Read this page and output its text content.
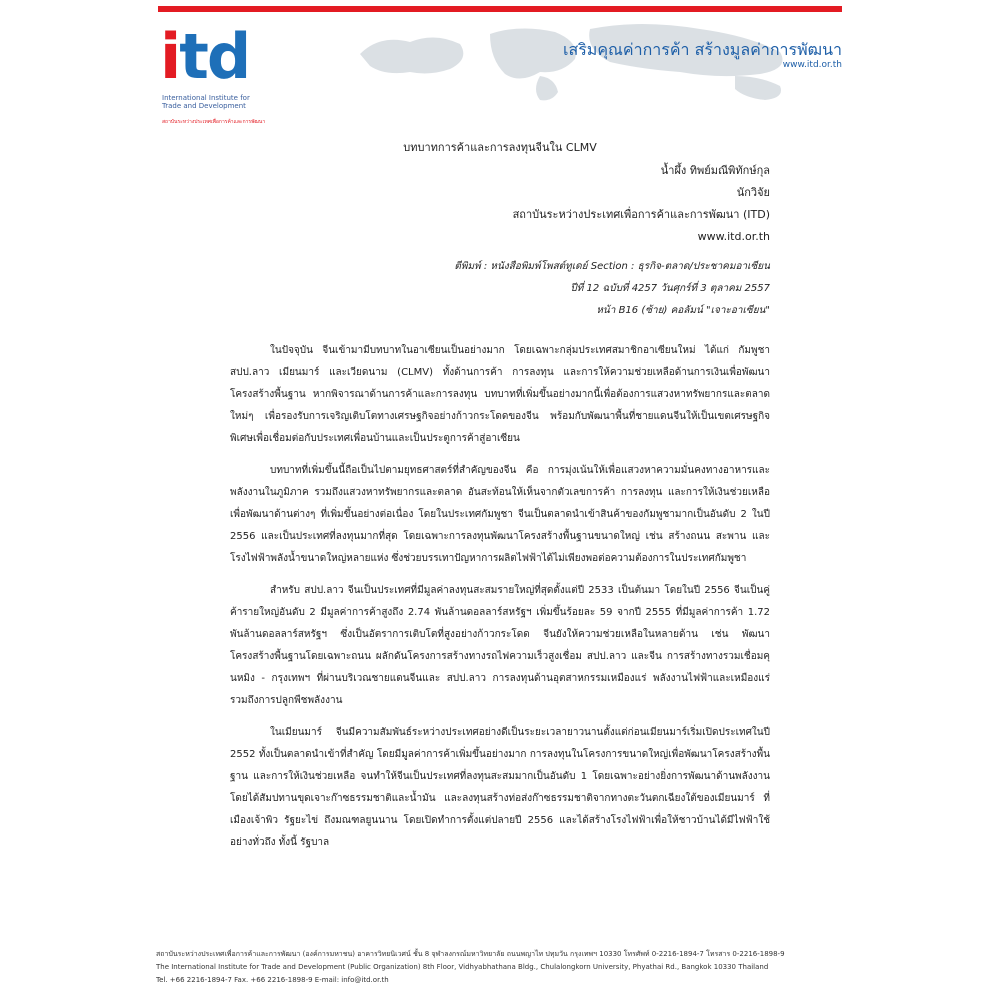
itd
International Institute for
Trade and Development
สถาบันระหว่างประเทศเพื่อการค้าและการพัฒนา
เสริมคุณค่าการค้า สร้างมูลค่าการพัฒนา
www.itd.or.th
บทบาทการค้าและการลงทุนจีนใน CLMV
น้ำผึ้ง ทิพย์มณีพิทักษ์กุล
นักวิจัย
สถาบันระหว่างประเทศเพื่อการค้าและการพัฒนา (ITD)
www.itd.or.th
ตีพิมพ์ : หนังสือพิมพ์โพสต์ทูเดย์ Section : ธุรกิจ-ตลาด/ประชาคมอาเซียน
ปีที่ 12 ฉบับที่ 4257 วันศุกร์ที่ 3 ตุลาคม 2557
หน้า B16 (ซ้าย) คอลัมน์ "เจาะอาเซียน"

ในปัจจุบัน จีนเข้ามามีบทบาทในอาเซียนเป็นอย่างมาก โดยเฉพาะกลุ่มประเทศสมาชิกอาเซียนใหม่ ได้แก่ กัมพูชา สปป.ลาว เมียนมาร์ และเวียดนาม (CLMV) ทั้งด้านการค้า การลงทุน และการให้ความช่วยเหลือด้านการเงินเพื่อพัฒนาโครงสร้างพื้นฐาน หากพิจารณาด้านการค้าและการลงทุน บทบาทที่เพิ่มขึ้นอย่างมากนี้เพื่อต้องการแสวงหาทรัพยากรและตลาดใหม่ๆ เพื่อรองรับการเจริญเติบโตทางเศรษฐกิจอย่างก้าวกระโดดของจีน พร้อมกับพัฒนาพื้นที่ชายแดนจีนให้เป็นเขตเศรษฐกิจพิเศษเพื่อเชื่อมต่อกับประเทศเพื่อนบ้านและเป็นประตูการค้าสู่อาเซียน

บทบาทที่เพิ่มขึ้นนี้ถือเป็นไปตามยุทธศาสตร์ที่สำคัญของจีน คือ การมุ่งเน้นให้เพื่อแสวงหาความมั่นคงทางอาหารและพลังงานในภูมิภาค รวมถึงแสวงหาทรัพยากรและตลาด อันสะท้อนให้เห็นจากตัวเลขการค้า การลงทุน และการให้เงินช่วยเหลือเพื่อพัฒนาด้านต่างๆ ที่เพิ่มขึ้นอย่างต่อเนื่อง โดยในประเทศกัมพูชา จีนเป็นตลาดนำเข้าสินค้าของกัมพูชามากเป็นอันดับ 2 ในปี 2556 และเป็นประเทศที่ลงทุนมากที่สุด โดยเฉพาะการลงทุนพัฒนาโครงสร้างพื้นฐานขนาดใหญ่ เช่น สร้างถนน สะพาน และโรงไฟฟ้าพลังน้ำขนาดใหญ่หลายแห่ง ซึ่งช่วยบรรเทาปัญหาการผลิตไฟฟ้าได้ไม่เพียงพอต่อความต้องการในประเทศกัมพูชา

สำหรับ สปป.ลาว จีนเป็นประเทศที่มีมูลค่าลงทุนสะสมรายใหญ่ที่สุดตั้งแต่ปี 2533 เป็นต้นมา โดยในปี 2556 จีนเป็นคู่ค้ารายใหญ่อันดับ 2 มีมูลค่าการค้าสูงถึง 2.74 พันล้านดอลลาร์สหรัฐฯ เพิ่มขึ้นร้อยละ 59 จากปี 2555 ที่มีมูลค่าการค้า 1.72 พันล้านดอลลาร์สหรัฐฯ ซึ่งเป็นอัตราการเติบโตที่สูงอย่างก้าวกระโดด จีนยังให้ความช่วยเหลือในหลายด้าน เช่น พัฒนาโครงสร้างพื้นฐานโดยเฉพาะถนน ผลักดันโครงการสร้างทางรถไฟความเร็วสูงเชื่อม สปป.ลาว และจีน การสร้างทางรวมเชื่อมคุนหมิง - กรุงเทพฯ ที่ผ่านบริเวณชายแดนจีนและ สปป.ลาว การลงทุนด้านอุตสาหกรรมเหมืองแร่ พลังงานไฟฟ้าและเหมืองแร่ รวมถึงการปลูกพืชพลังงาน

ในเมียนมาร์ จีนมีความสัมพันธ์ระหว่างประเทศอย่างดีเป็นระยะเวลายาวนานตั้งแต่ก่อนเมียนมาร์เริ่มเปิดประเทศในปี 2552 ทั้งเป็นตลาดนำเข้าที่สำคัญ โดยมีมูลค่าการค้าเพิ่มขึ้นอย่างมาก การลงทุนในโครงการขนาดใหญ่เพื่อพัฒนาโครงสร้างพื้นฐาน และการให้เงินช่วยเหลือ จนทำให้จีนเป็นประเทศที่ลงทุนสะสมมากเป็นอันดับ 1 โดยเฉพาะอย่างยิ่งการพัฒนาด้านพลังงาน โดยได้สัมปทานขุดเจาะก๊าซธรรมชาติและน้ำมัน และลงทุนสร้างท่อส่งก๊าซธรรมชาติจากทางตะวันตกเฉียงใต้ของเมียนมาร์ ที่เมืองเจ้าพิว รัฐยะไข่ ถึงมณฑลยูนนาน โดยเปิดทำการตั้งแต่ปลายปี 2556 และได้สร้างโรงไฟฟ้าเพื่อให้ชาวบ้านได้มีไฟฟ้าใช้อย่างทั่วถึง ทั้งนี้ รัฐบาล

สถาบันระหว่างประเทศเพื่อการค้าและการพัฒนา (องค์การมหาชน) อาคารวิทยนิเวศน์ ชั้น 8 จุฬาลงกรณ์มหาวิทยาลัย ถนนพญาไท ปทุมวัน กรุงเทพฯ 10330 โทรศัพท์ 0-2216-1894-7 โทรสาร 0-2216-1898-9
The International Institute for Trade and Development (Public Organization) 8th Floor, Vidhyabhathana Bldg., Chulalongkorn University, Phyathai Rd., Bangkok 10330 Thailand
Tel. +66 2216-1894-7 Fax. +66 2216-1898-9 E-mail: info@itd.or.th
